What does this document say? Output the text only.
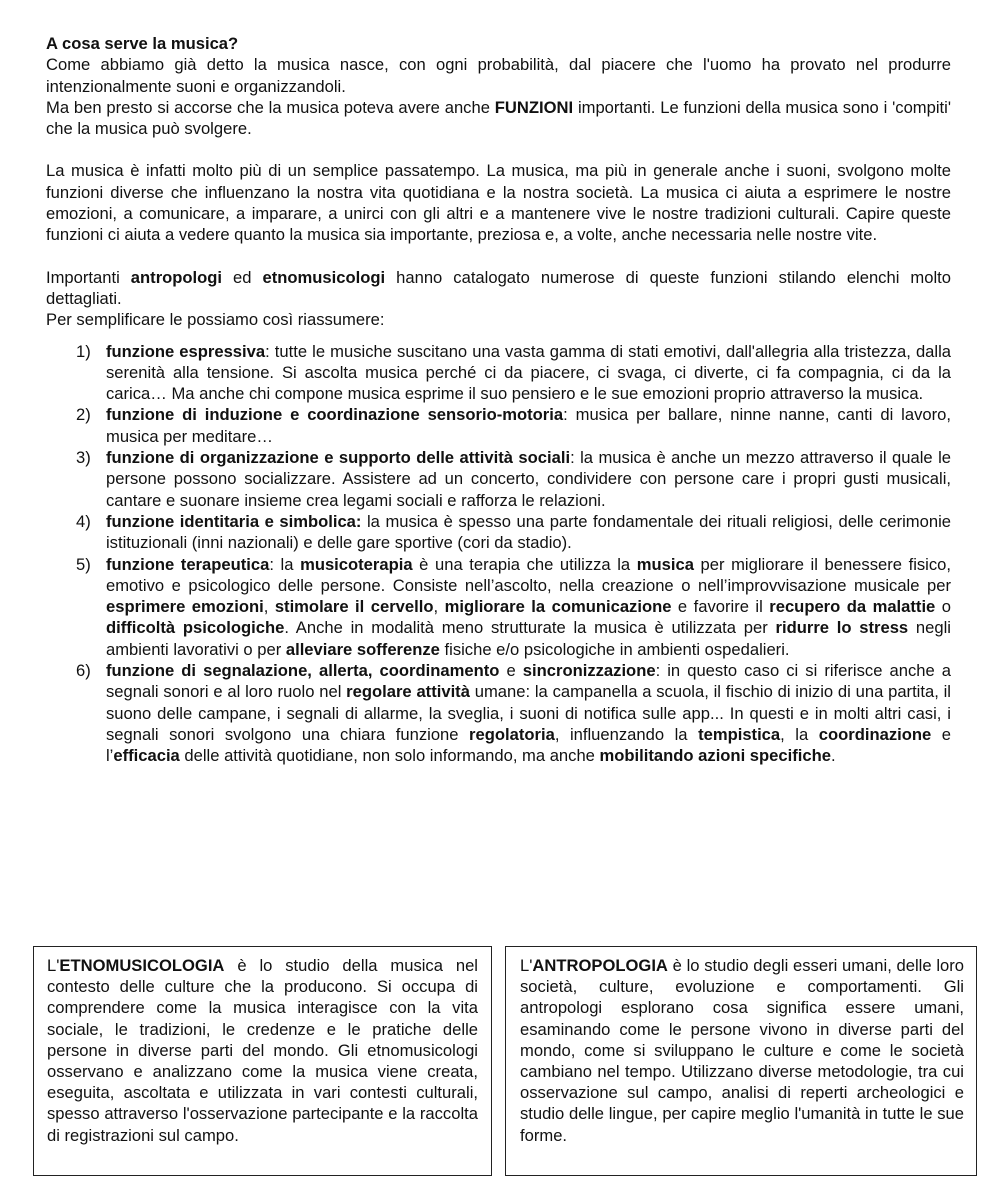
A cosa serve la musica?

Come abbiamo già detto la musica nasce, con ogni probabilità, dal piacere che l'uomo ha provato nel produrre intenzionalmente suoni e organizzandoli.

Ma ben presto si accorse che la musica poteva avere anche FUNZIONI importanti. Le funzioni della musica sono i 'compiti' che la musica può svolgere.

La musica è infatti molto più di un semplice passatempo. La musica, ma più in generale anche i suoni, svolgono molte funzioni diverse che influenzano la nostra vita quotidiana e la nostra società. La musica ci aiuta a esprimere le nostre emozioni, a comunicare, a imparare, a unirci con gli altri e a mantenere vive le nostre tradizioni culturali. Capire queste funzioni ci aiuta a vedere quanto la musica sia importante, preziosa e, a volte, anche necessaria nelle nostre vite.

Importanti antropologi ed etnomusicologi hanno catalogato numerose di queste funzioni stilando elenchi molto dettagliati.

Per semplificare le possiamo così riassumere:

1) funzione espressiva: tutte le musiche suscitano una vasta gamma di stati emotivi, dall'allegria alla tristezza, dalla serenità alla tensione. Si ascolta musica perché ci da piacere, ci svaga, ci diverte, ci fa compagnia, ci da la carica… Ma anche chi compone musica esprime il suo pensiero e le sue emozioni proprio attraverso la musica.
2) funzione di induzione e coordinazione sensorio-motoria: musica per ballare, ninne nanne, canti di lavoro, musica per meditare…
3) funzione di organizzazione e supporto delle attività sociali: la musica è anche un mezzo attraverso il quale le persone possono socializzare. Assistere ad un concerto, condividere con persone care i propri gusti musicali, cantare e suonare insieme crea legami sociali e rafforza le relazioni.
4) funzione identitaria e simbolica: la musica è spesso una parte fondamentale dei rituali religiosi, delle cerimonie istituzionali (inni nazionali) e delle gare sportive (cori da stadio).
5) funzione terapeutica: la musicoterapia è una terapia che utilizza la musica per migliorare il benessere fisico, emotivo e psicologico delle persone. Consiste nell’ascolto, nella creazione o nell’improvvisazione musicale per esprimere emozioni, stimolare il cervello, migliorare la comunicazione e favorire il recupero da malattie o difficoltà psicologiche. Anche in modalità meno strutturate la musica è utilizzata per ridurre lo stress negli ambienti lavorativi o per alleviare sofferenze fisiche e/o psicologiche in ambienti ospedalieri.
6) funzione di segnalazione, allerta, coordinamento e sincronizzazione: in questo caso ci si riferisce anche a segnali sonori e al loro ruolo nel regolare attività umane: la campanella a scuola, il fischio di inizio di una partita, il suono delle campane, i segnali di allarme, la sveglia, i suoni di notifica sulle app... In questi e in molti altri casi, i segnali sonori svolgono una chiara funzione regolatoria, influenzando la tempistica, la coordinazione e l’efficacia delle attività quotidiane, non solo informando, ma anche mobilitando azioni specifiche.
L'ETNOMUSICOLOGIA è lo studio della musica nel contesto delle culture che la producono. Si occupa di comprendere come la musica interagisce con la vita sociale, le tradizioni, le credenze e le pratiche delle persone in diverse parti del mondo. Gli etnomusicologi osservano e analizzano come la musica viene creata, eseguita, ascoltata e utilizzata in vari contesti culturali, spesso attraverso l'osservazione partecipante e la raccolta di registrazioni sul campo.
L'ANTROPOLOGIA è lo studio degli esseri umani, delle loro società, culture, evoluzione e comportamenti. Gli antropologi esplorano cosa significa essere umani, esaminando come le persone vivono in diverse parti del mondo, come si sviluppano le culture e come le società cambiano nel tempo. Utilizzano diverse metodologie, tra cui osservazione sul campo, analisi di reperti archeologici e studio delle lingue, per capire meglio l'umanità in tutte le sue forme.
